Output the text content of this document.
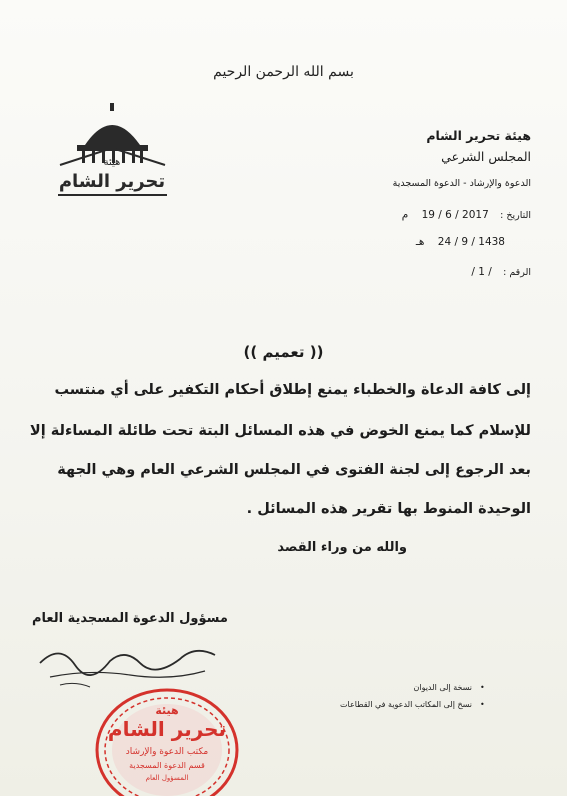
بسم الله الرحمن الرحيم
هيئة
تحرير الشام
هيئة تحرير الشام
المجلس الشرعي
الدعوة والإرشاد - الدعوة المسجدية
التاريخ : 19 / 6 / 2017 م
24 / 9 / 1438 هـ
الرقم : / 1 /
(( تعميم ))
إلى كافة الدعاة والخطباء يمنع إطلاق أحكام التكفير على أي منتسب
للإسلام كما يمنع الخوض في هذه المسائل البتة تحت طائلة المساءلة إلا
بعد الرجوع إلى لجنة الفتوى في المجلس الشرعي العام وهي الجهة
الوحيدة المنوط بها تقرير هذه المسائل .
والله من وراء القصد
مسؤول الدعوة المسجدية العام
هيئة
تحرير الشام
مكتب الدعوة والإرشاد
قسم الدعوة المسجدية
المسؤول العام
•نسخة إلى الديوان
•نسخ إلى المكاتب الدعوية في القطاعات
